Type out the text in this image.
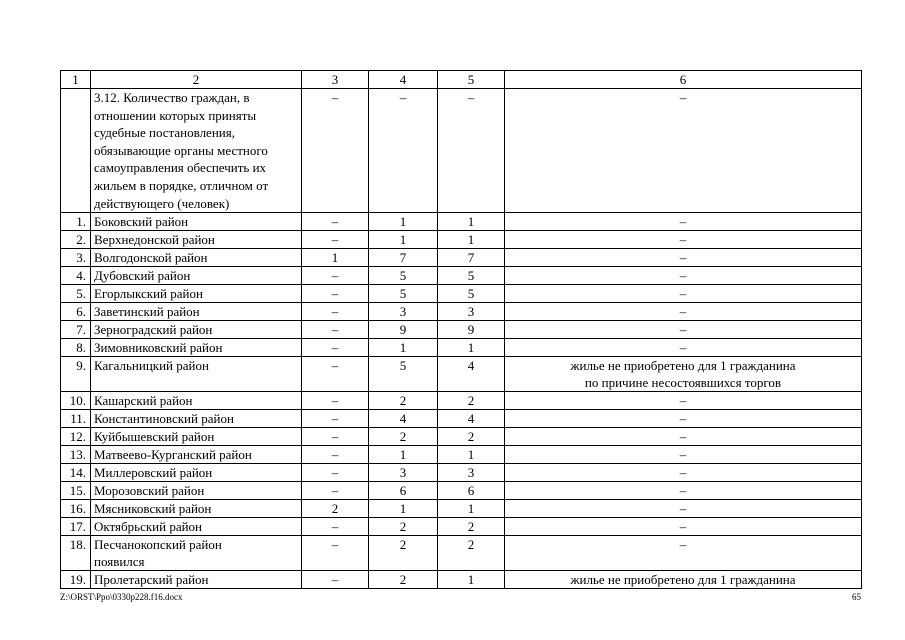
1	2	3	4	5	6
	3.12. Количество граждан, в отношении которых приняты судебные постановления, обязывающие органы местного самоуправления обеспечить их жильем в порядке, отличном от действующего (человек)	–	–	–	–
1.	Боковский район	–	1	1	–
2.	Верхнедонской район	–	1	1	–
3.	Волгодонской район	1	7	7	–
4.	Дубовский район	–	5	5	–
5.	Егорлыкский район	–	5	5	–
6.	Заветинский район	–	3	3	–
7.	Зерноградский район	–	9	9	–
8.	Зимовниковский район	–	1	1	–
9.	Кагальницкий район	–	5	4	жилье не приобретено для 1 гражданина
по причине несостоявшихся торгов
10.	Кашарский район	–	2	2	–
11.	Константиновский район	–	4	4	–
12.	Куйбышевский район	–	2	2	–
13.	Матвеево-Курганский район	–	1	1	–
14.	Миллеровский район	–	3	3	–
15.	Морозовский район	–	6	6	–
16.	Мясниковский район	2	1	1	–
17.	Октябрьский район	–	2	2	–
18.	Песчанокопский район
появился	–	2	2	–
19.	Пролетарский район	–	2	1	жилье не приобретено для 1 гражданина
Z:\ORST\Ppo\0330p228.f16.docx	65
